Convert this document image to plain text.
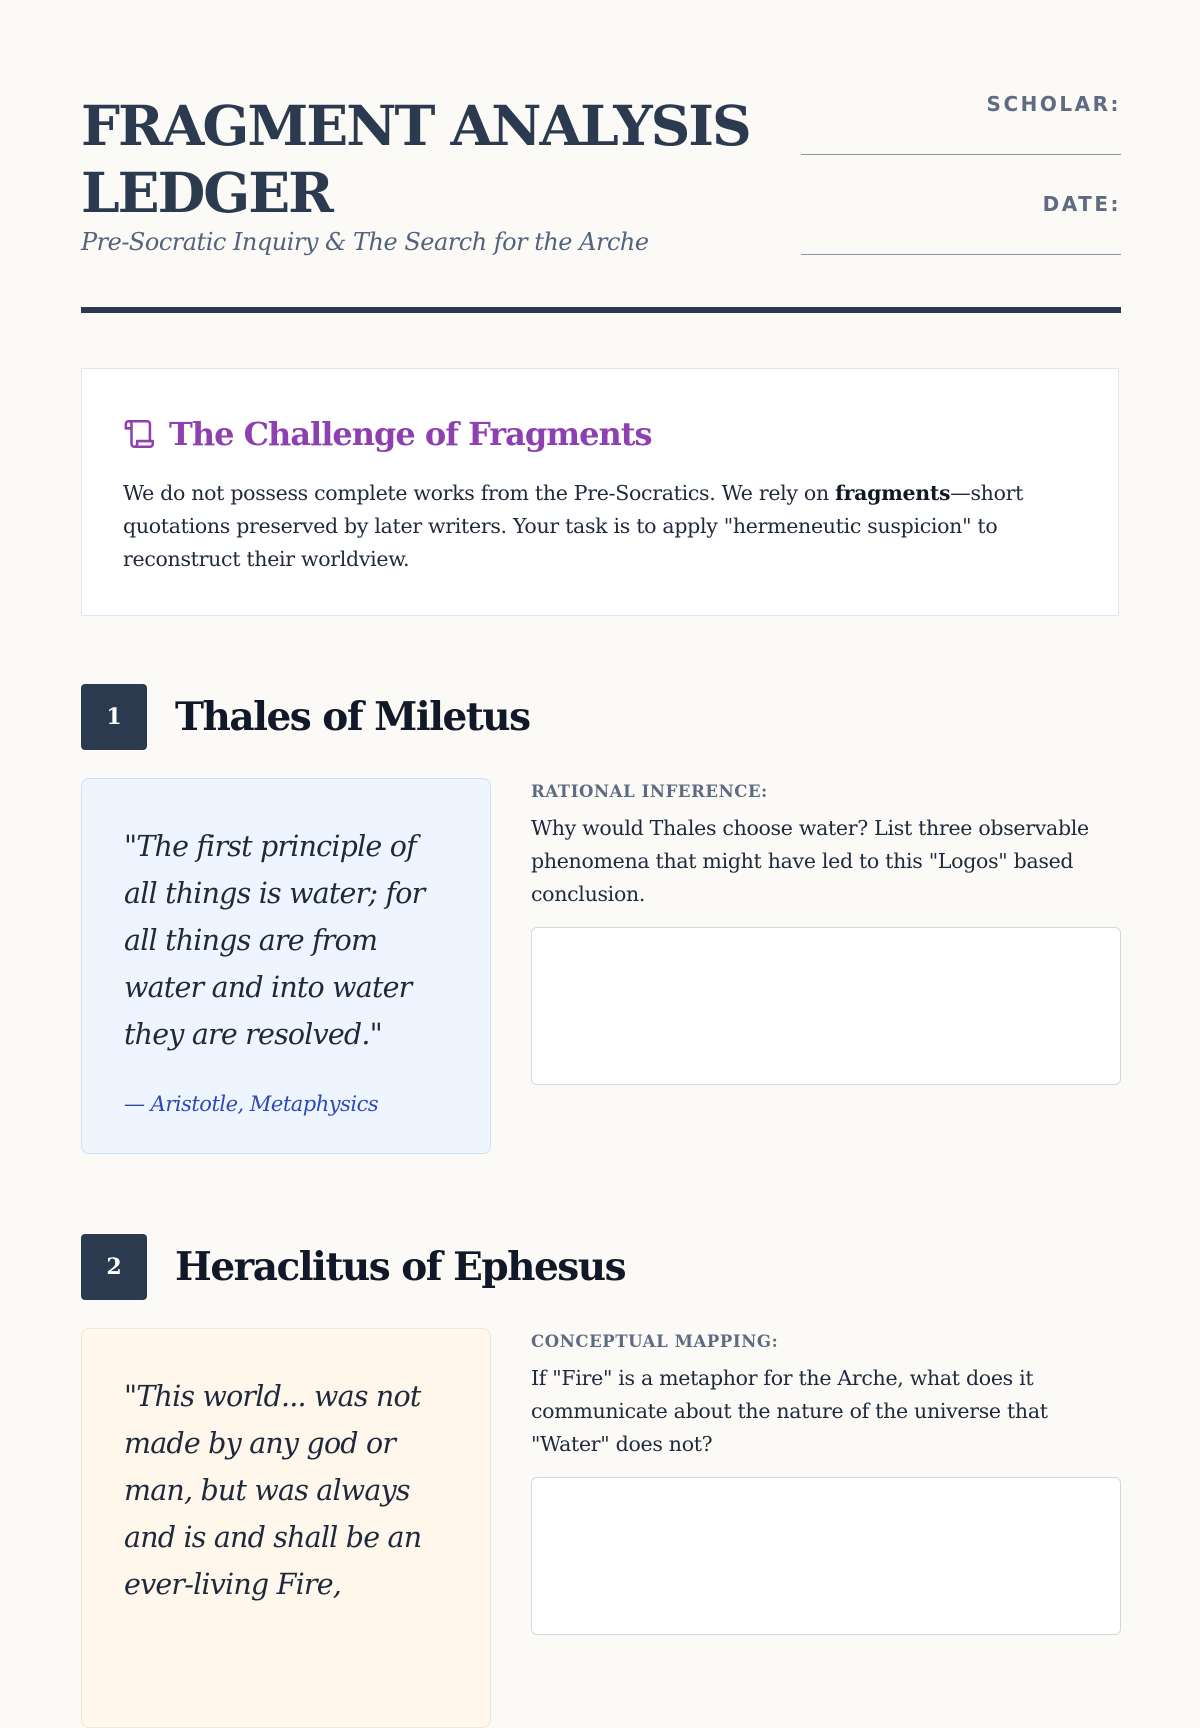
FRAGMENT ANALYSIS LEDGER

Pre-Socratic Inquiry & The Search for the Arche

SCHOLAR:
DATE:
The Challenge of Fragments
We do not possess complete works from the Pre-Socratics. We rely on fragments—short quotations preserved by later writers. Your task is to apply "hermeneutic suspicion" to reconstruct their worldview.
1	Thales of Miletus

"The first principle of all things is water; for all things are from water and into water they are resolved."

— Aristotle, Metaphysics
RATIONAL INFERENCE:
Why would Thales choose water? List three observable phenomena that might have led to this "Logos" based conclusion.
2	Heraclitus of Ephesus

"This world... was not made by any god or man, but was always and is and shall be an ever-living Fire,

CONCEPTUAL MAPPING:
If "Fire" is a metaphor for the Arche, what does it communicate about the nature of the universe that "Water" does not?
